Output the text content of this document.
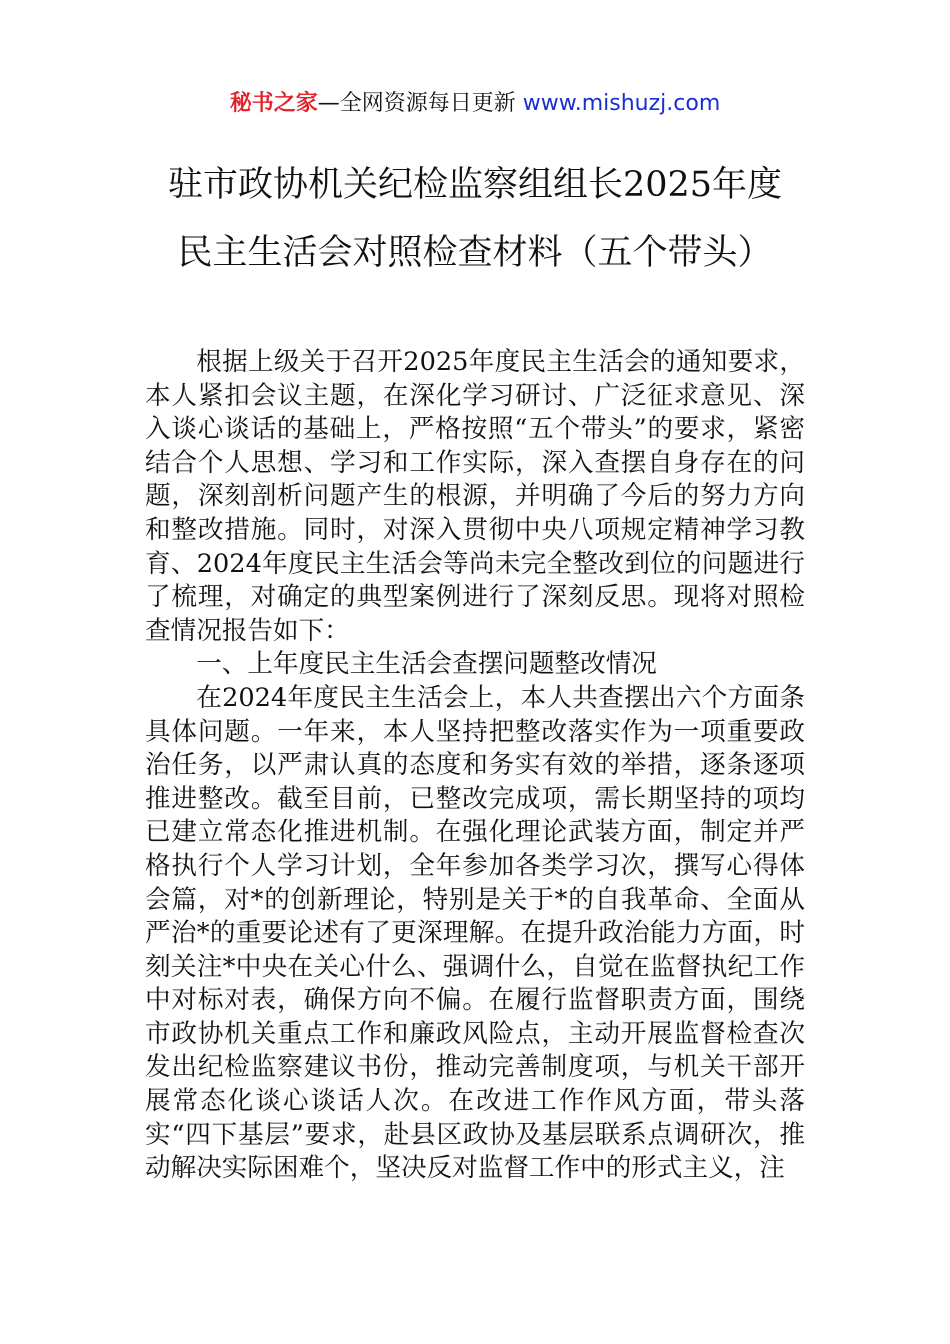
秘书之家—全网资源每日更新 www.mishuzj.com
驻市政协机关纪检监察组组长2025年度
民主生活会对照检查材料（五个带头）

根据上级关于召开2025年度民主生活会的通知要求，本人紧扣会议主题，在深化学习研讨、广泛征求意见、深入谈心谈话的基础上，严格按照“五个带头”的要求，紧密结合个人思想、学习和工作实际，深入查摆自身存在的问题，深刻剖析问题产生的根源，并明确了今后的努力方向和整改措施。同时，对深入贯彻中央八项规定精神学习教育、2024年度民主生活会等尚未完全整改到位的问题进行了梳理，对确定的典型案例进行了深刻反思。现将对照检查情况报告如下：

一、上年度民主生活会查摆问题整改情况

在2024年度民主生活会上，本人共查摆出六个方面条具体问题。一年来，本人坚持把整改落实作为一项重要政治任务，以严肃认真的态度和务实有效的举措，逐条逐项推进整改。截至目前，已整改完成项，需长期坚持的项均已建立常态化推进机制。在强化理论武装方面，制定并严格执行个人学习计划，全年参加各类学习次，撰写心得体会篇，对*的创新理论，特别是关于*的自我革命、全面从严治*的重要论述有了更深理解。在提升政治能力方面，时刻关注*中央在关心什么、强调什么，自觉在监督执纪工作中对标对表，确保方向不偏。在履行监督职责方面，围绕市政协机关重点工作和廉政风险点，主动开展监督检查次发出纪检监察建议书份，推动完善制度项，与机关干部开展常态化谈心谈话人次。在改进工作作风方面，带头落实“四下基层”要求，赴县区政协及基层联系点调研次，推动解决实际困难个，坚决反对监督工作中的形式主义，注
